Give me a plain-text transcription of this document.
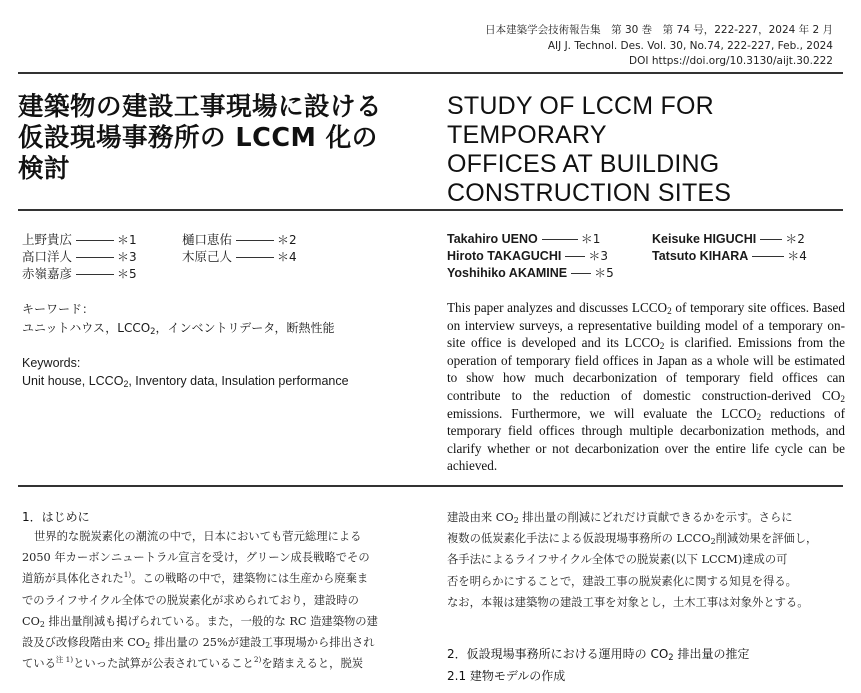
日本建築学会技術報告集　第 30 巻　第 74 号，222-227，2024 年 2 月
AIJ J. Technol. Des. Vol. 30, No.74, 222-227, Feb., 2024
DOI https://doi.org/10.3130/aijt.30.222
建築物の建設工事現場に設ける
仮設現場事務所の LCCM 化の
検討
STUDY OF LCCM FOR TEMPORARY
OFFICES AT BUILDING
CONSTRUCTION SITES
上野貴広	＊1	樋口恵佑	＊2
高口洋人	＊3	木原己人	＊4
赤嶺嘉彦	＊5
Takahiro UENO	＊1	Keisuke HIGUCHI ＊2
Hiroto TAKAGUCHI ＊3	Tatsuto KIHARA	＊4
Yoshihiko AKAMINE ＊5
キーワード：
ユニットハウス，$LCCO_2$，インベントリデータ，断熱性能
Keywords:
Unit house, $LCCO_2$, Inventory data, Insulation performance
This paper analyzes and discusses $LCCO_2$ of temporary site offices. Based on interview surveys, a representative building model of a temporary on-site office is developed and its $LCCO_2$ is clarified. Emissions from the operation of temporary field offices in Japan as a whole will be estimated to show how much decarbonization of temporary field offices can contribute to the reduction of domestic construction-derived $CO_2$ emissions. Furthermore, we will evaluate the $LCCO_2$ reductions of temporary field offices through multiple decarbonization methods, and clarify whether or not decarbonization over the entire life cycle can be achieved.
1．はじめに
世界的な脱炭素化の潮流の中で，日本においても菅元総理による
2050 年カーボンニュートラル宣言を受け，グリーン成長戦略でその
道筋が具体化された$^{1)}$。この戦略の中で，建築物には生産から廃棄ま
でのライフサイクル全体での脱炭素化が求められており，建設時の
$CO_2$ 排出量削減も掲げられている。また，一般的な RC 造建築物の建
設及び改修段階由来 $CO_2$ 排出量の 25%が建設工事現場から排出され
ている$^{注 1)}$といった試算が公表されていること$^{2)}$を踏まえると，脱炭
建設由来 $CO_2$ 排出量の削減にどれだけ貢献できるかを示す。さらに
複数の低炭素化手法による仮設現場事務所の $LCCO_2$削減効果を評価し，
各手法によるライフサイクル全体での脱炭素(以下 LCCM)達成の可
否を明らかにすることで，建設工事の脱炭素化に関する知見を得る。
なお，本報は建築物の建設工事を対象とし，土木工事は対象外とする。
2．仮設現場事務所における運用時の $CO_2$ 排出量の推定
2.1 建物モデルの作成
